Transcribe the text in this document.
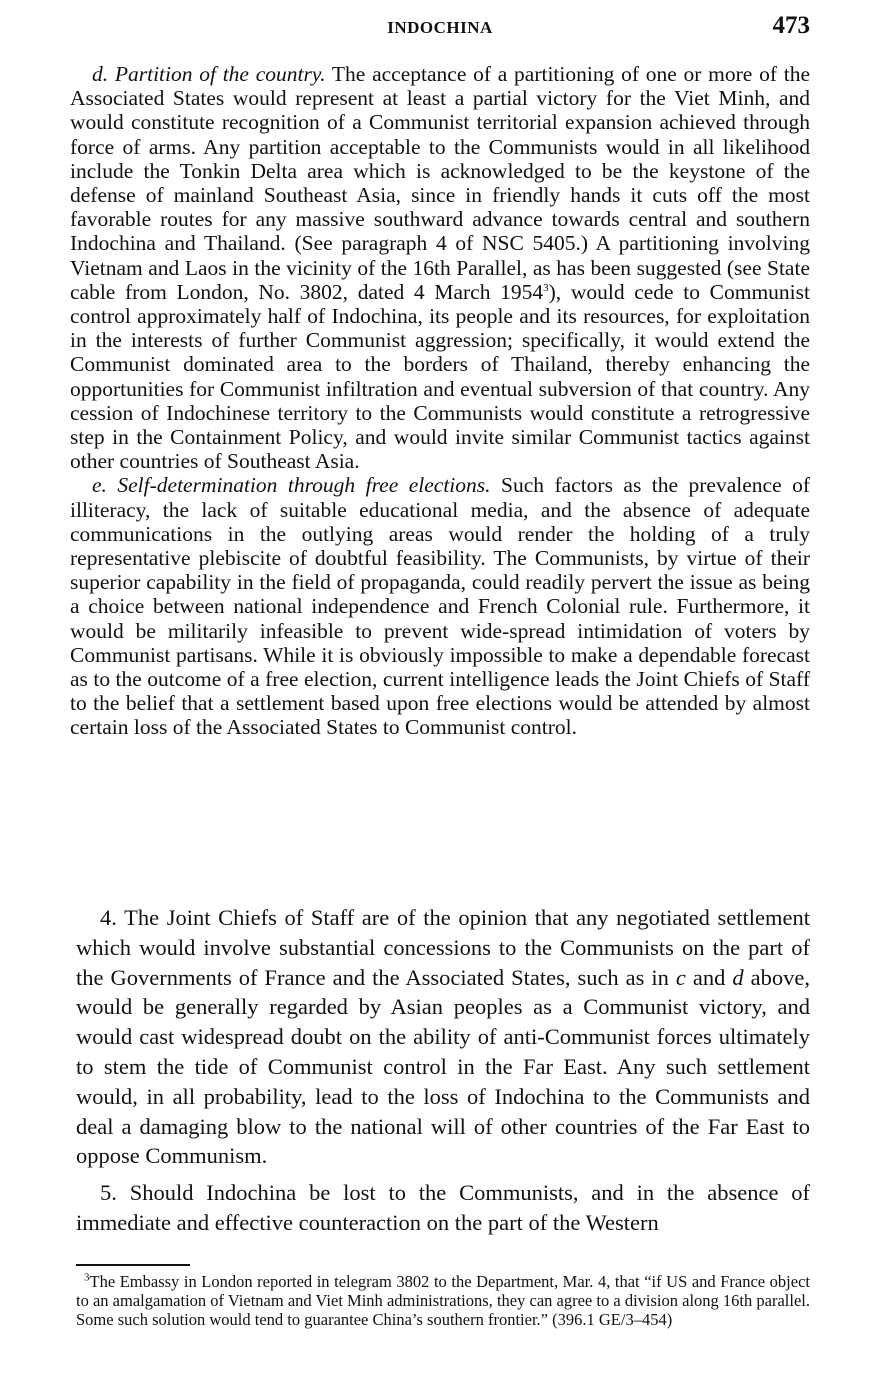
INDOCHINA	473

d. Partition of the country. The acceptance of a partitioning of one or more of the Associated States would represent at least a partial victory for the Viet Minh, and would constitute recognition of a Communist territorial expansion achieved through force of arms. Any partition acceptable to the Communists would in all likelihood include the Tonkin Delta area which is acknowledged to be the keystone of the defense of mainland Southeast Asia, since in friendly hands it cuts off the most favorable routes for any massive southward advance towards central and southern Indochina and Thailand. (See paragraph 4 of NSC 5405.) A partitioning involving Vietnam and Laos in the vicinity of the 16th Parallel, as has been suggested (see State cable from London, No. 3802, dated 4 March 1954$^3$), would cede to Communist control approximately half of Indochina, its people and its resources, for exploitation in the interests of further Communist aggression; specifically, it would extend the Communist dominated area to the borders of Thailand, thereby enhancing the opportunities for Communist infiltration and eventual subversion of that country. Any cession of Indochinese territory to the Communists would constitute a retrogressive step in the Containment Policy, and would invite similar Communist tactics against other countries of Southeast Asia.

e. Self-determination through free elections. Such factors as the prevalence of illiteracy, the lack of suitable educational media, and the absence of adequate communications in the outlying areas would render the holding of a truly representative plebiscite of doubtful feasibility. The Communists, by virtue of their superior capability in the field of propaganda, could readily pervert the issue as being a choice between national independence and French Colonial rule. Furthermore, it would be militarily infeasible to prevent wide-spread intimidation of voters by Communist partisans. While it is obviously impossible to make a dependable forecast as to the outcome of a free election, current intelligence leads the Joint Chiefs of Staff to the belief that a settlement based upon free elections would be attended by almost certain loss of the Associated States to Communist control.

4. The Joint Chiefs of Staff are of the opinion that any negotiated settlement which would involve substantial concessions to the Communists on the part of the Governments of France and the Associated States, such as in c and d above, would be generally regarded by Asian peoples as a Communist victory, and would cast widespread doubt on the ability of anti-Communist forces ultimately to stem the tide of Communist control in the Far East. Any such settlement would, in all probability, lead to the loss of Indochina to the Communists and deal a damaging blow to the national will of other countries of the Far East to oppose Communism.

5. Should Indochina be lost to the Communists, and in the absence of immediate and effective counteraction on the part of the Western

$^3$The Embassy in London reported in telegram 3802 to the Department, Mar. 4, that “if US and France object to an amalgamation of Vietnam and Viet Minh administrations, they can agree to a division along 16th parallel. Some such solution would tend to guarantee China’s southern frontier.” (396.1 GE/3–454)
